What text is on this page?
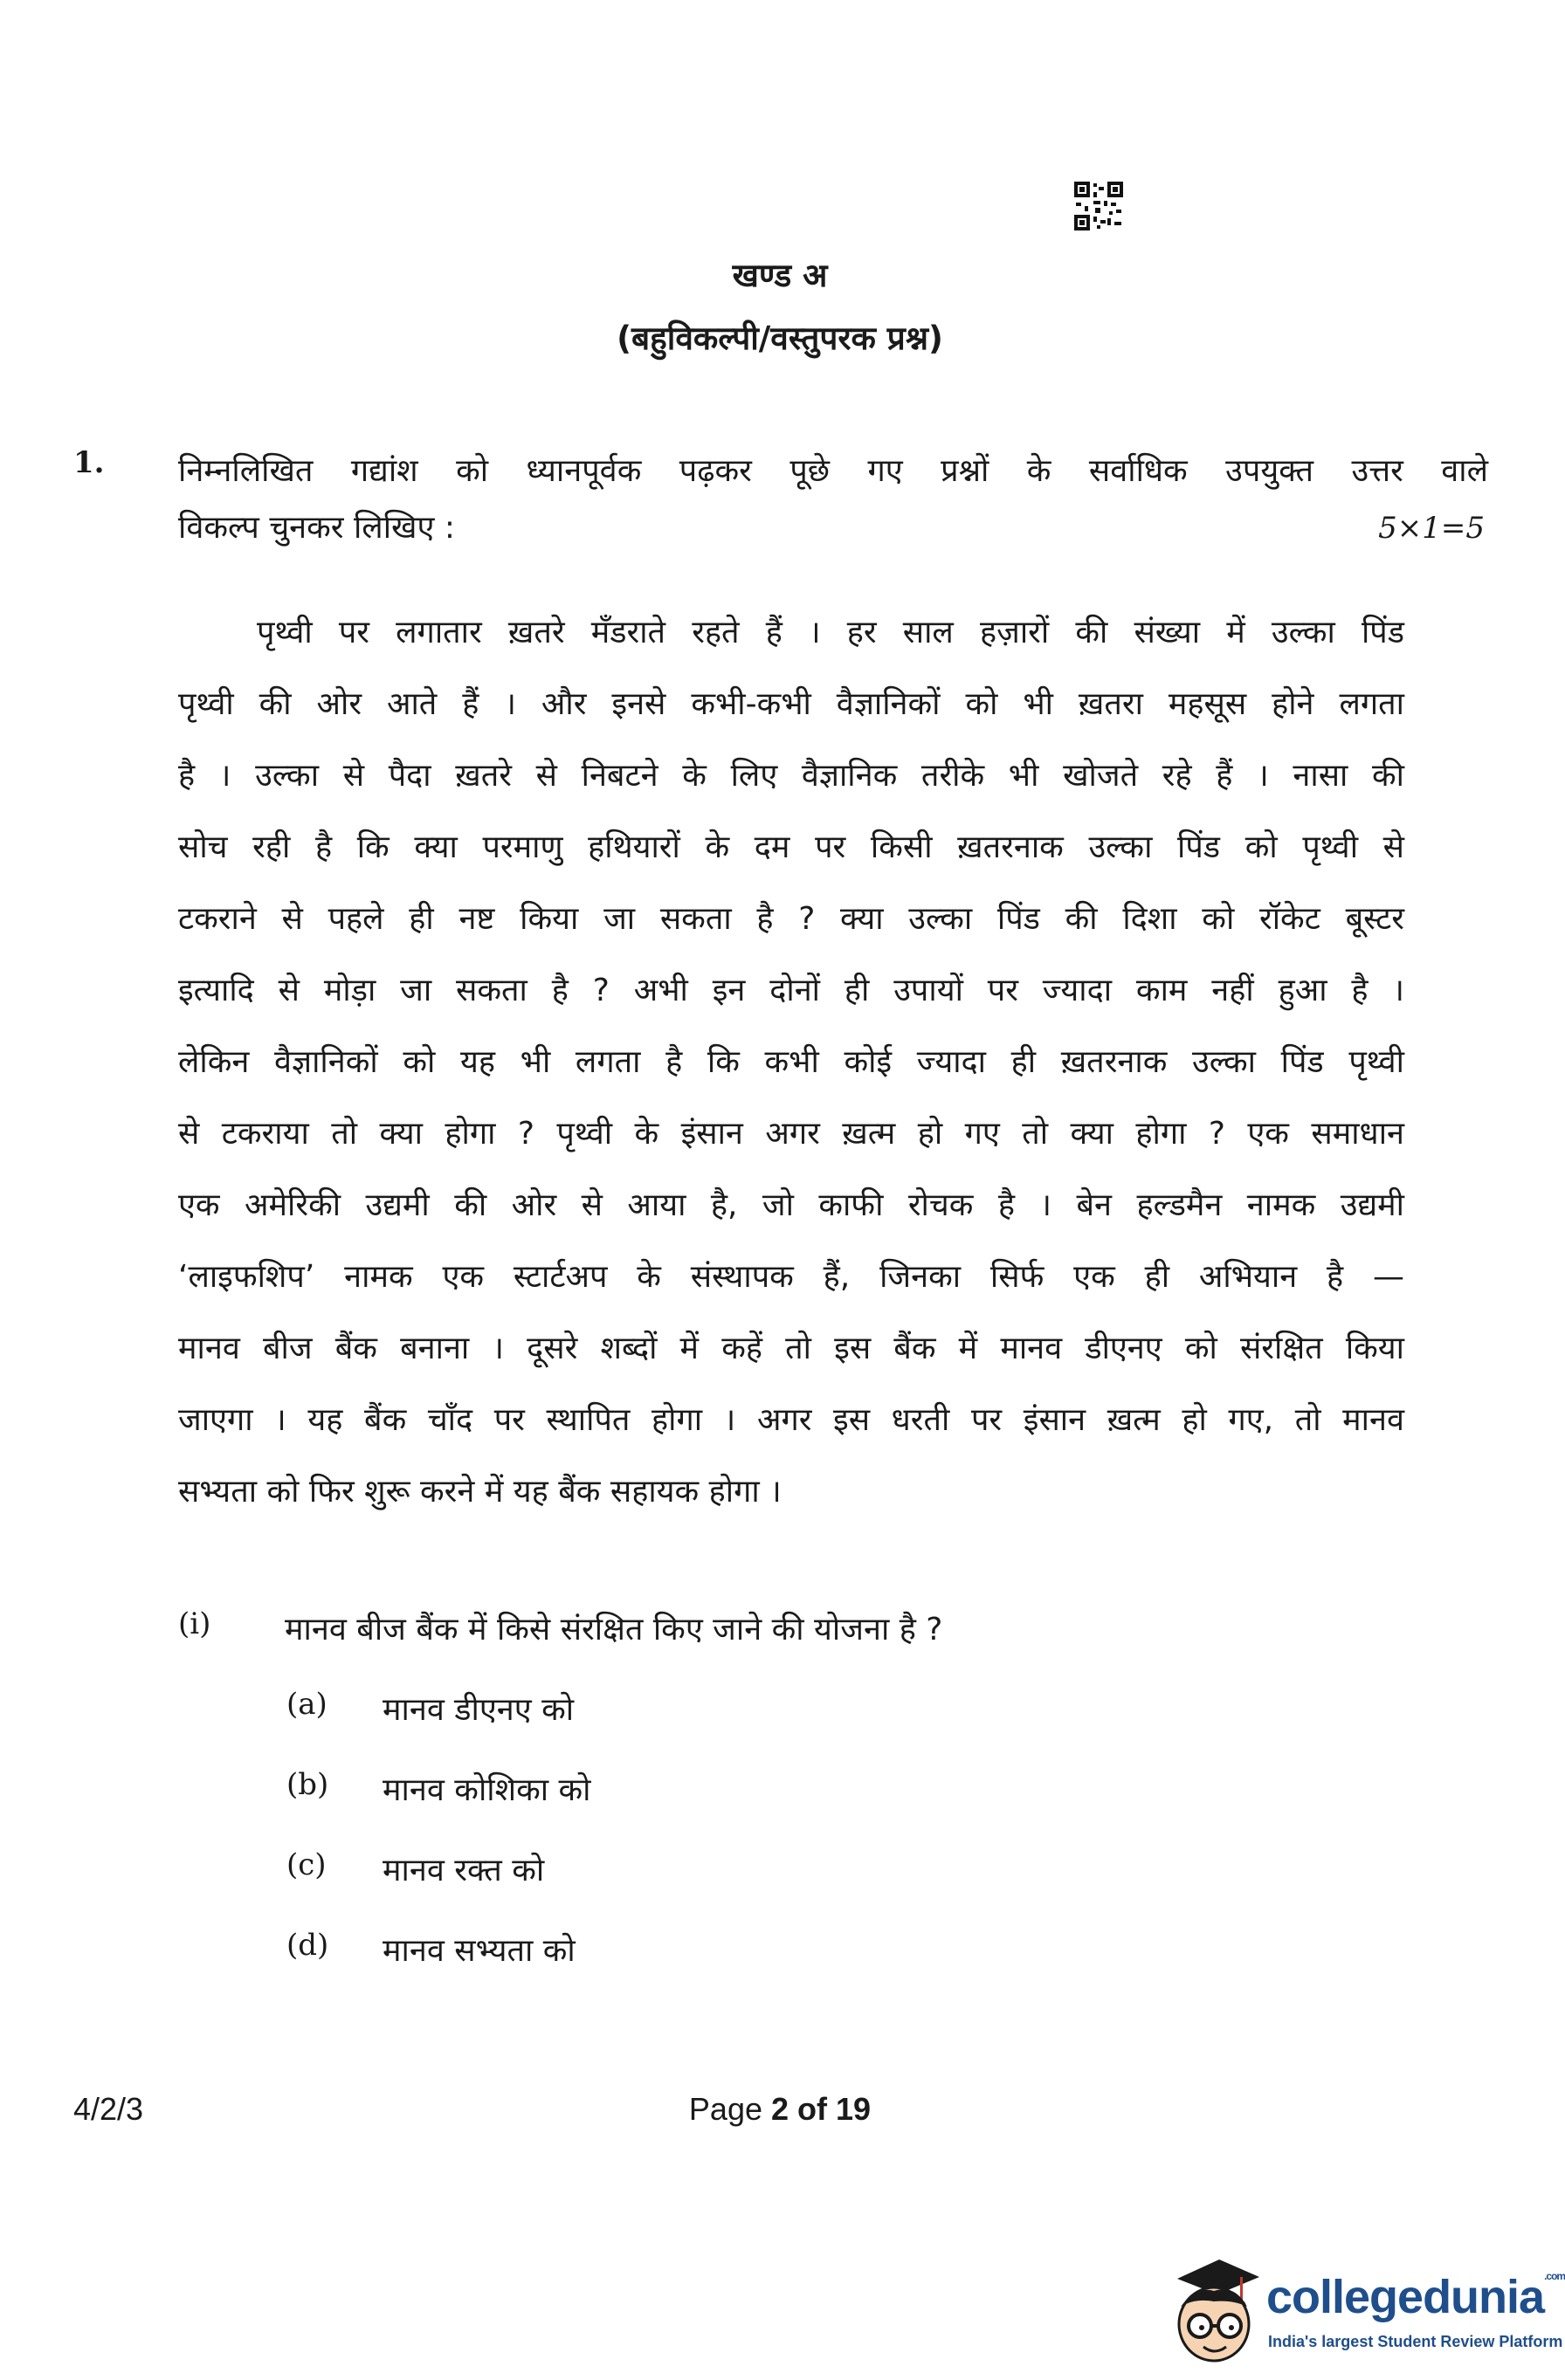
खण्ड अ
(बहुविकल्पी/वस्तुपरक प्रश्न)
1. निम्नलिखित गद्यांश को ध्यानपूर्वक पढ़कर पूछे गए प्रश्नों के सर्वाधिक उपयुक्त उत्तर वाले
विकल्प चुनकर लिखिए :	5×1=5
पृथ्वी पर लगातार ख़तरे मँडराते रहते हैं । हर साल हज़ारों की संख्या में उल्का पिंड
पृथ्वी की ओर आते हैं । और इनसे कभी-कभी वैज्ञानिकों को भी ख़तरा महसूस होने लगता
है । उल्का से पैदा ख़तरे से निबटने के लिए वैज्ञानिक तरीके भी खोजते रहे हैं । नासा की
सोच रही है कि क्या परमाणु हथियारों के दम पर किसी ख़तरनाक उल्का पिंड को पृथ्वी से
टकराने से पहले ही नष्ट किया जा सकता है ? क्या उल्का पिंड की दिशा को रॉकेट बूस्टर
इत्यादि से मोड़ा जा सकता है ? अभी इन दोनों ही उपायों पर ज्यादा काम नहीं हुआ है ।
लेकिन वैज्ञानिकों को यह भी लगता है कि कभी कोई ज्यादा ही ख़तरनाक उल्का पिंड पृथ्वी
से टकराया तो क्या होगा ? पृथ्वी के इंसान अगर ख़त्म हो गए तो क्या होगा ? एक समाधान
एक अमेरिकी उद्यमी की ओर से आया है, जो काफी रोचक है । बेन हल्डमैन नामक उद्यमी
‘लाइफशिप’ नामक एक स्टार्टअप के संस्थापक हैं, जिनका सिर्फ एक ही अभियान है —
मानव बीज बैंक बनाना । दूसरे शब्दों में कहें तो इस बैंक में मानव डीएनए को संरक्षित किया
जाएगा । यह बैंक चाँद पर स्थापित होगा । अगर इस धरती पर इंसान ख़त्म हो गए, तो मानव
सभ्यता को फिर शुरू करने में यह बैंक सहायक होगा ।
(i) मानव बीज बैंक में किसे संरक्षित किए जाने की योजना है ?
(a) मानव डीएनए को
(b) मानव कोशिका को
(c) मानव रक्त को
(d) मानव सभ्यता को
4/2/3	Page 2 of 19
collegedunia$^{.com}$
India's largest Student Review Platform
